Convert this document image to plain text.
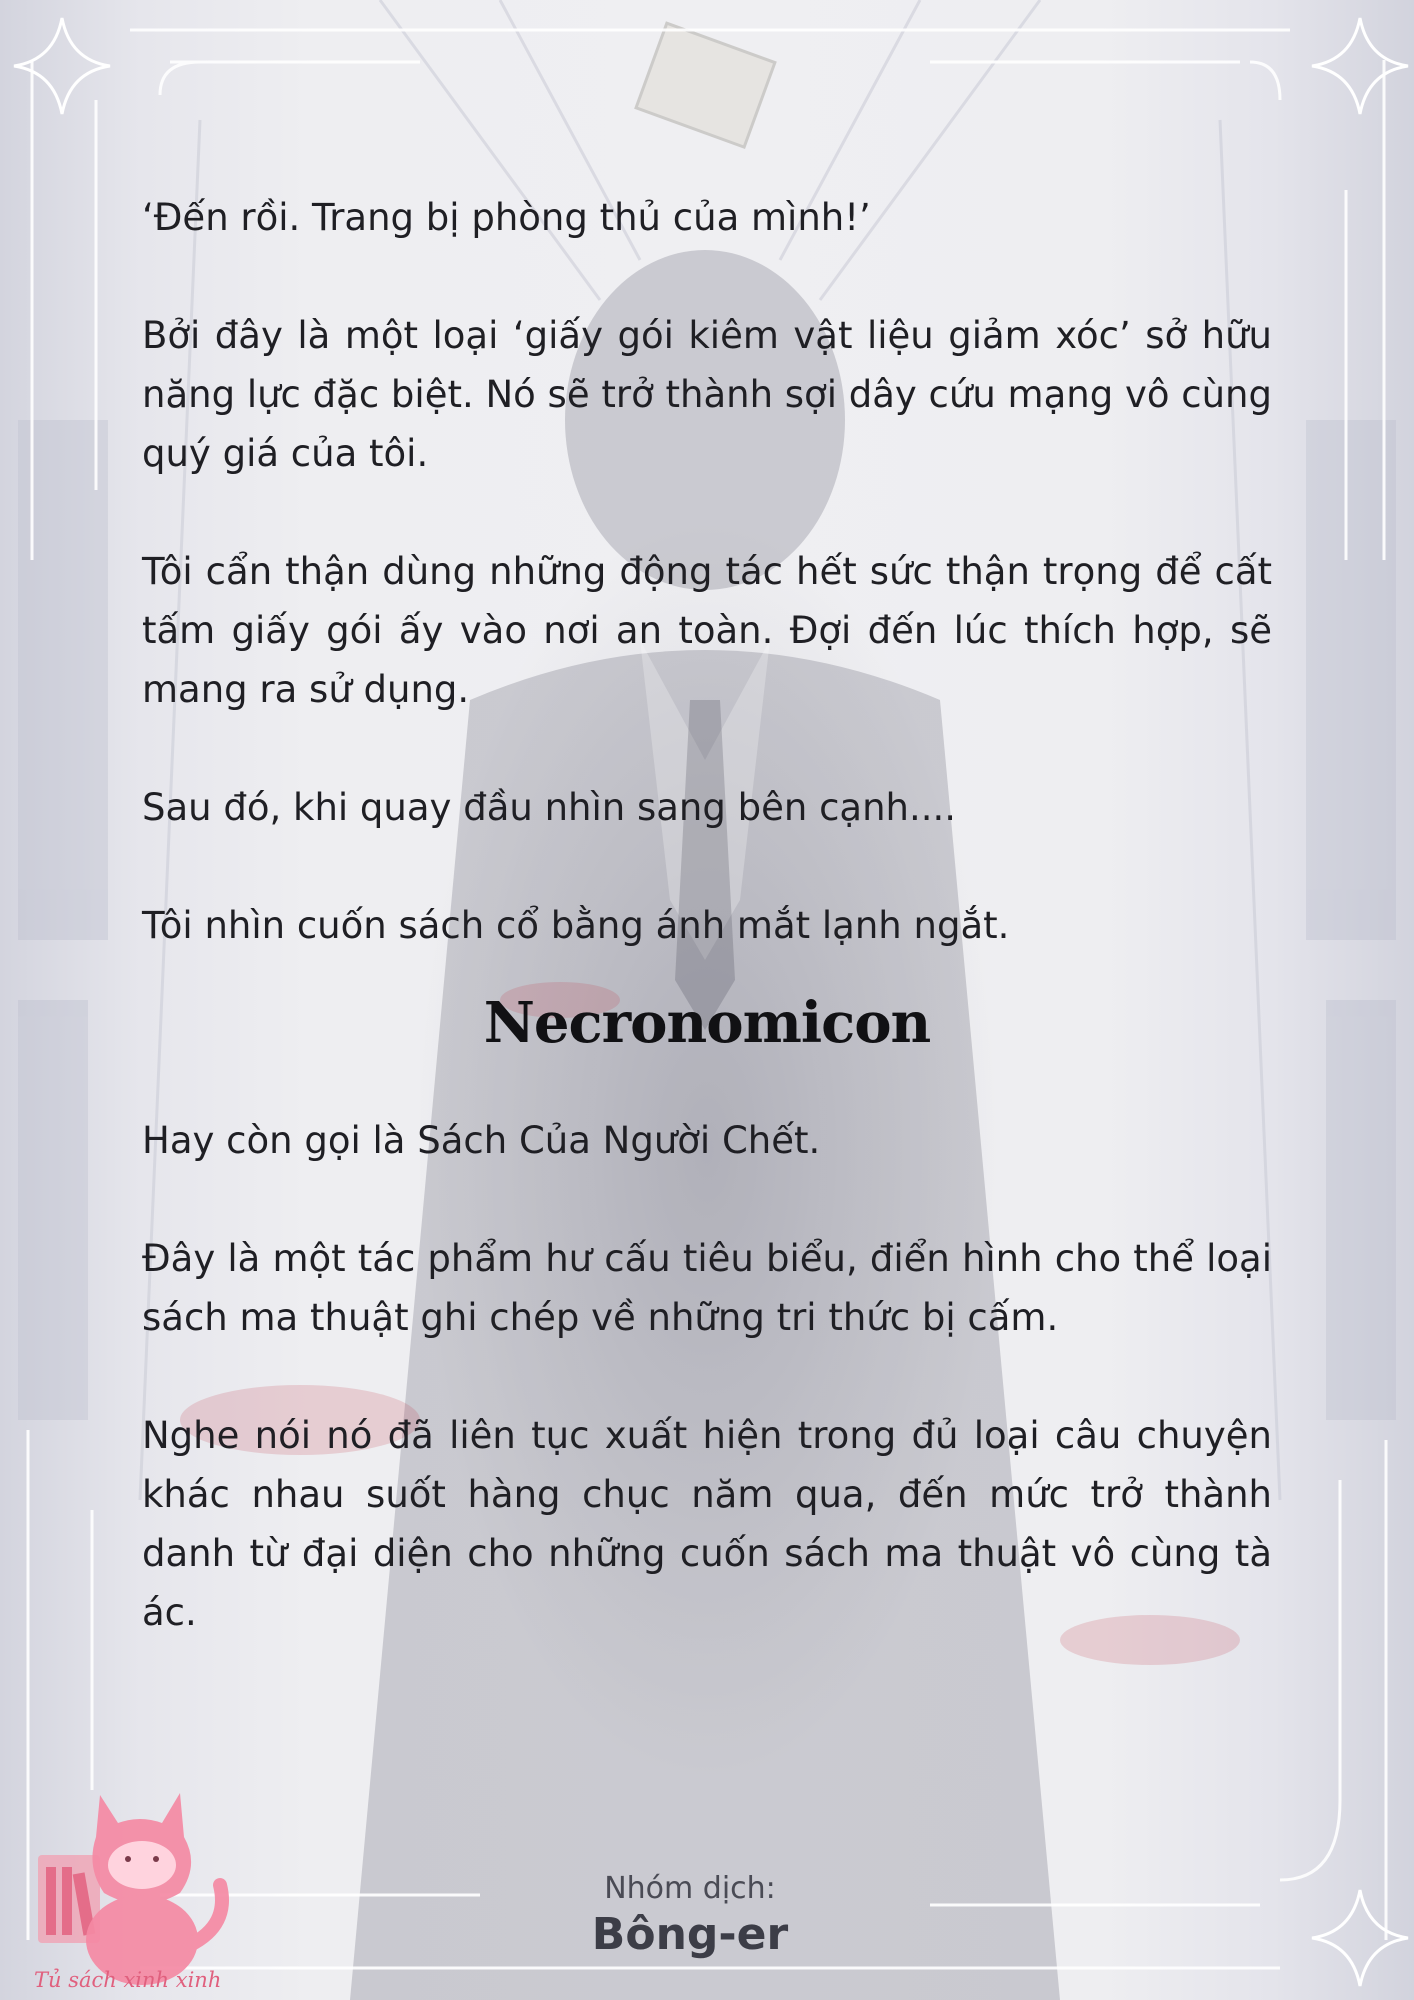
‘Đến rồi. Trang bị phòng thủ của mình!’

Bởi đây là một loại ‘giấy gói kiêm vật liệu giảm xóc’ sở hữu năng lực đặc biệt. Nó sẽ trở thành sợi dây cứu mạng vô cùng quý giá của tôi.

Tôi cẩn thận dùng những động tác hết sức thận trọng để cất tấm giấy gói ấy vào nơi an toàn. Đợi đến lúc thích hợp, sẽ mang ra sử dụng.

Sau đó, khi quay đầu nhìn sang bên cạnh....

Tôi nhìn cuốn sách cổ bằng ánh mắt lạnh ngắt.

Necronomicon

Hay còn gọi là Sách Của Người Chết.

Đây là một tác phẩm hư cấu tiêu biểu, điển hình cho thể loại sách ma thuật ghi chép về những tri thức bị cấm.

Nghe nói nó đã liên tục xuất hiện trong đủ loại câu chuyện khác nhau suốt hàng chục năm qua, đến mức trở thành danh từ đại diện cho những cuốn sách ma thuật vô cùng tà ác.

Tủ sách xinh xinh
Nhóm dịch:
Bông-er
